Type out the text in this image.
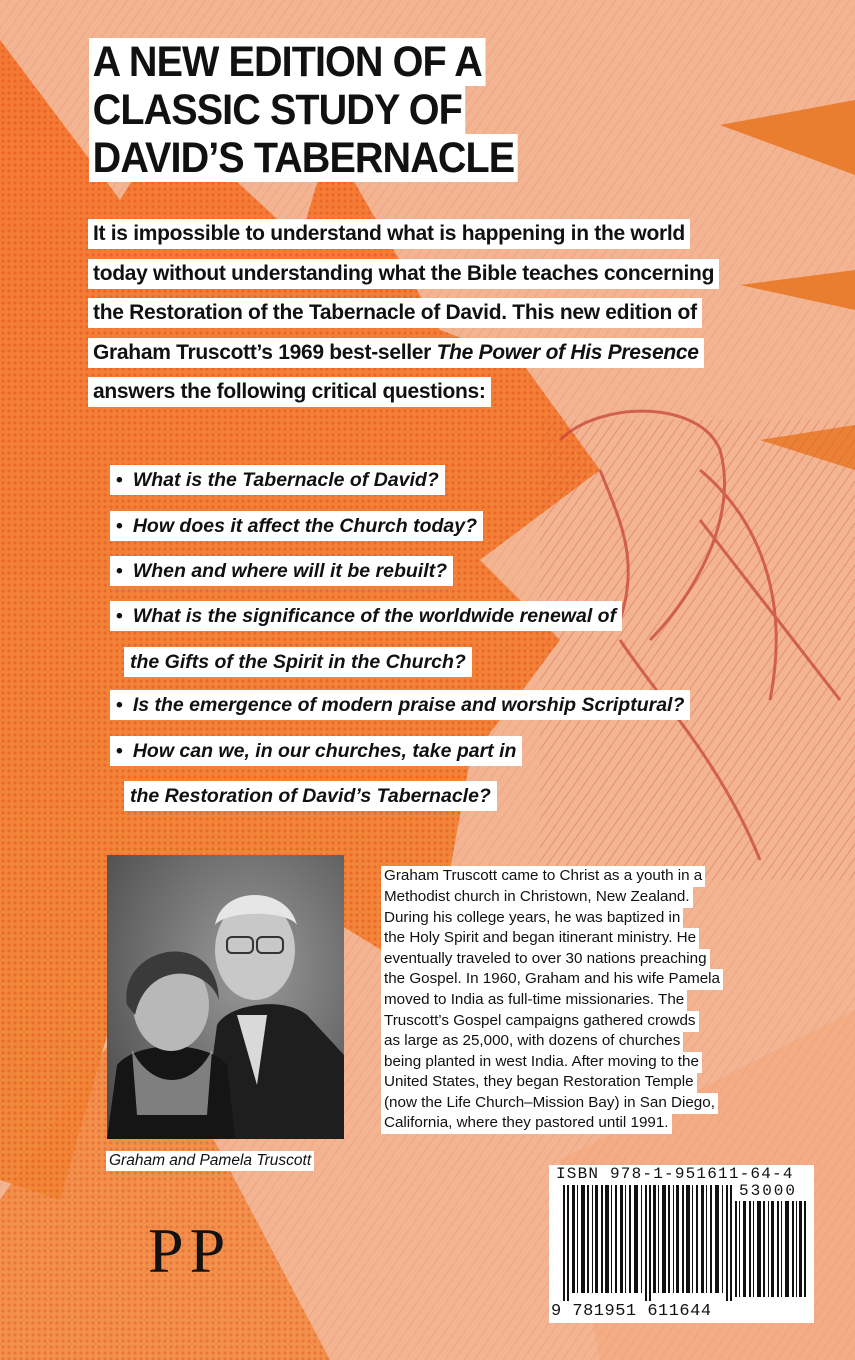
A NEW EDITION OF A
CLASSIC STUDY OF
DAVID’S TABERNACLE
It is impossible to understand what is happening in the world
today without understanding what the Bible teaches concerning
the Restoration of the Tabernacle of David. This new edition of
Graham Truscott’s 1969 best-seller The Power of His Presence
answers the following critical questions:
• What is the Tabernacle of David?
• How does it affect the Church today?
• When and where will it be rebuilt?
• What is the significance of the worldwide renewal of
the Gifts of the Spirit in the Church?
• Is the emergence of modern praise and worship Scriptural?
• How can we, in our churches, take part in
the Restoration of David’s Tabernacle?
Graham and Pamela Truscott
Graham Truscott came to Christ as a youth in a
Methodist church in Christown, New Zealand.
During his college years, he was baptized in
the Holy Spirit and began itinerant ministry. He
eventually traveled to over 30 nations preaching
the Gospel. In 1960, Graham and his wife Pamela
moved to India as full-time missionaries. The
Truscott’s Gospel campaigns gathered crowds
as large as 25,000, with dozens of churches
being planted in west India. After moving to the
United States, they began Restoration Temple
(now the Life Church–Mission Bay) in San Diego,
California, where they pastored until 1991.
PP
ISBN 978-1-951611-64-4
53000
9 781951 611644
